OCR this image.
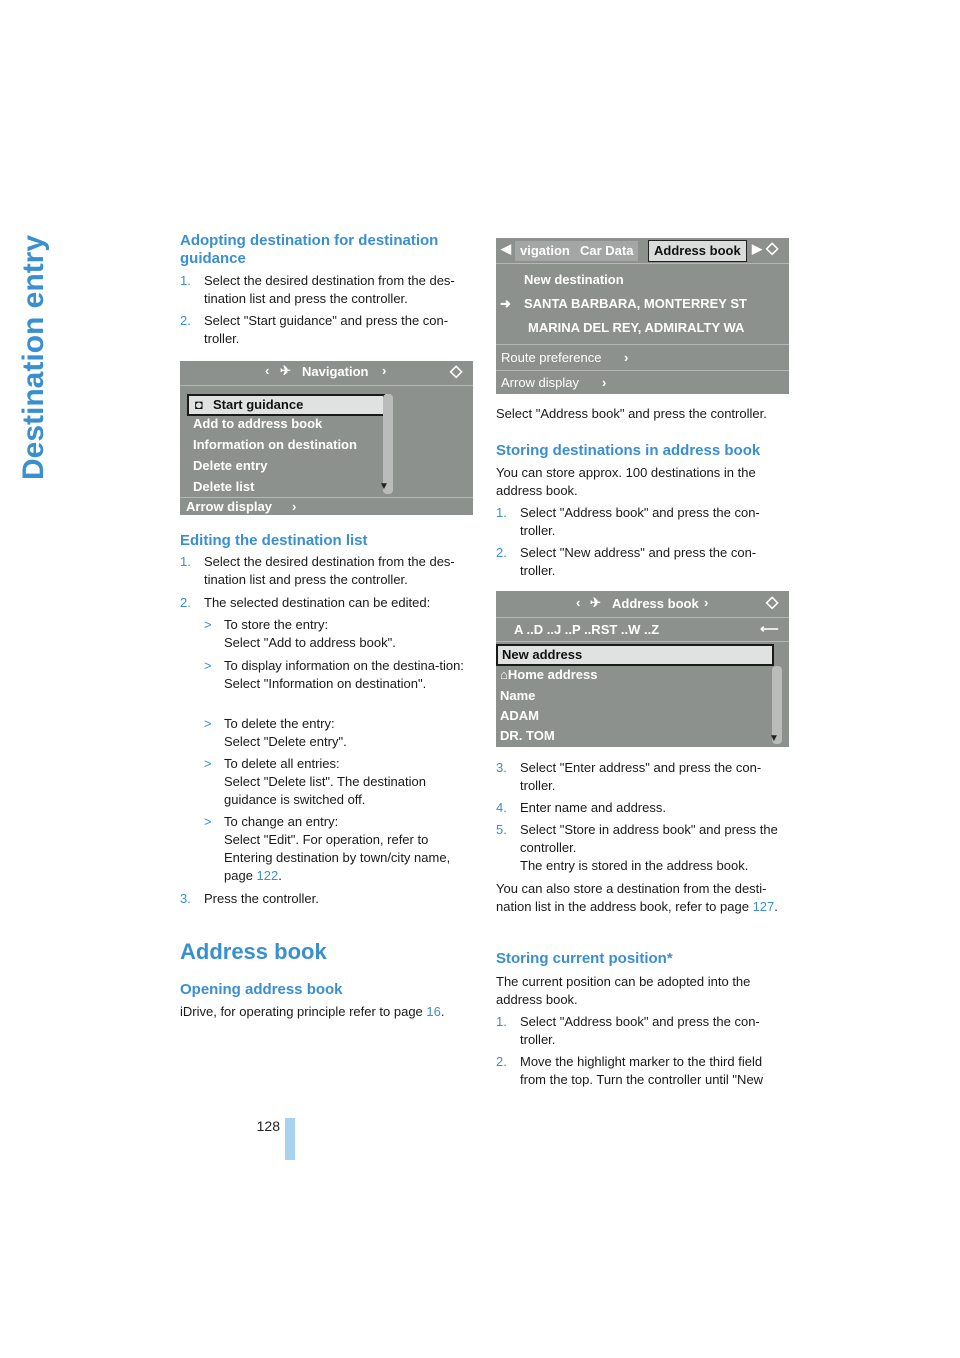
Destination entry	Adopting destination for destination guidance
1. Select the desired destination from the des-tination list and press the controller.
2. Select "Start guidance" and press the con-troller.
‹ ✈ Navigation ›	◇
◘ Start guidance
Add to address book
Information on destination
Delete entry
Delete list	▼
Arrow display ›
Editing the destination list
1. Select the desired destination from the des-tination list and press the controller.
2. The selected destination can be edited:
> To store the entry:
Select "Add to address book".
> To display information on the destina-tion:
Select "Information on destination".
> To delete the entry:
Select "Delete entry".
> To delete all entries:
Select "Delete list". The destination guidance is switched off.
> To change an entry:
Select "Edit". For operation, refer to Entering destination by town/city name, page 122.
3. Press the controller.
Address book
Opening address book
iDrive, for operating principle refer to page 16.
◀ vigation Car Data	Address book ▶ ◇
New destination
➜ SANTA BARBARA, MONTERREY ST
MARINA DEL REY, ADMIRALTY WA
Route preference ›
Arrow display ›
Select "Address book" and press the controller.
Storing destinations in address book
You can store approx. 100 destinations in the address book.
1. Select "Address book" and press the con-troller.
2. Select "New address" and press the con-troller.
‹ ✈ Address book ›	◇
A ..D ..J ..P ..RST ..W ..Z	⟵
New address
⌂Home address
Name
ADAM
DR. TOM	▼
3. Select "Enter address" and press the con-troller.
4. Enter name and address.
5. Select "Store in address book" and press the controller.
The entry is stored in the address book.
You can also store a destination from the desti-nation list in the address book, refer to page 127.
Storing current position*
The current position can be adopted into the address book.
1. Select "Address book" and press the con-troller.
2. Move the highlight marker to the third field from the top. Turn the controller until "New
128
